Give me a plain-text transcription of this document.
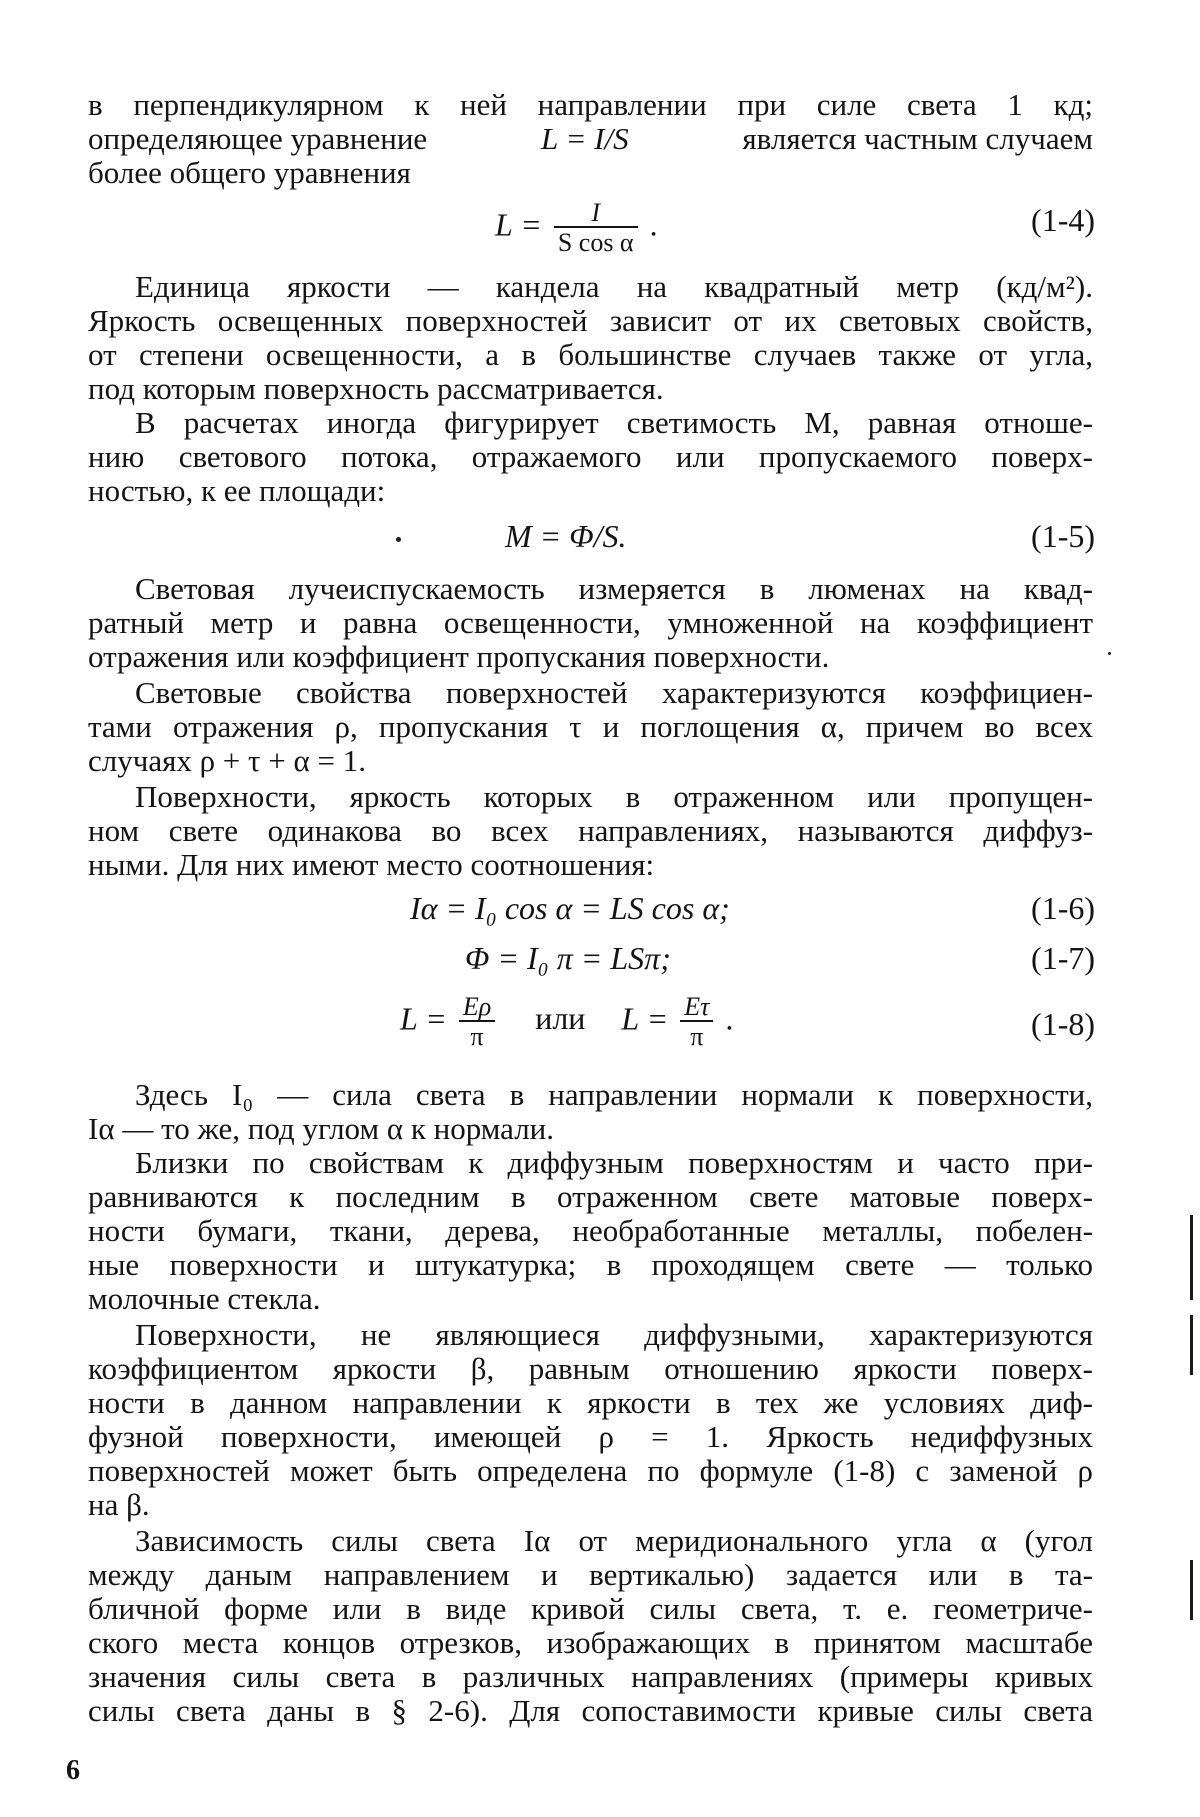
в перпендикулярном к ней направлении при силе света 1 кд;
определяющее уравнение	L = I/S	является частным случаем
более общего уравнения
L =	I
S cos α
.	(1-4)
Единица яркости — кандела на квадратный метр (кд/м²).
Яркость освещенных поверхностей зависит от их световых свойств,
от степени освещенности, а в большинстве случаев также от угла,
под которым поверхность рассматривается.
В расчетах иногда фигурирует светимость M, равная отноше-
нию светового потока, отражаемого или пропускаемого поверх-
ностью, к ее площади:
M = Φ/S.	(1-5)
Световая лучеиспускаемость измеряется в люменах на квад-
ратный метр и равна освещенности, умноженной на коэффициент
отражения или коэффициент пропускания поверхности.
Световые свойства поверхностей характеризуются коэффициен-
тами отражения ρ, пропускания τ и поглощения α, причем во всех
случаях ρ + τ + α = 1.
Поверхности, яркость которых в отраженном или пропущен-
ном свете одинакова во всех направлениях, называются диффуз-
ными. Для них имеют место соотношения:
Iα = I₀ cos α = LS cos α;	(1-6)
Φ = I₀ π = LSπ;	(1-7)
L = Eρ
π
или L = Eτ
π
.	(1-8)
Здесь I₀ — сила света в направлении нормали к поверхности,
Iα — то же, под углом α к нормали.
Близки по свойствам к диффузным поверхностям и часто при-
равниваются к последним в отраженном свете матовые поверх-
ности бумаги, ткани, дерева, необработанные металлы, побелен-
ные поверхности и штукатурка; в проходящем свете — только
молочные стекла.
Поверхности, не являющиеся диффузными, характеризуются
коэффициентом яркости β, равным отношению яркости поверх-
ности в данном направлении к яркости в тех же условиях диф-
фузной поверхности, имеющей ρ = 1. Яркость недиффузных
поверхностей может быть определена по формуле (1-8) с заменой ρ
на β.
Зависимость силы света Iα от меридионального угла α (угол
между даным направлением и вертикалью) задается или в та-
бличной форме или в виде кривой силы света, т. е. геометриче-
ского места концов отрезков, изображающих в принятом масштабе
значения силы света в различных направлениях (примеры кривых
силы света даны в § 2-6). Для сопоставимости кривые силы света
6
